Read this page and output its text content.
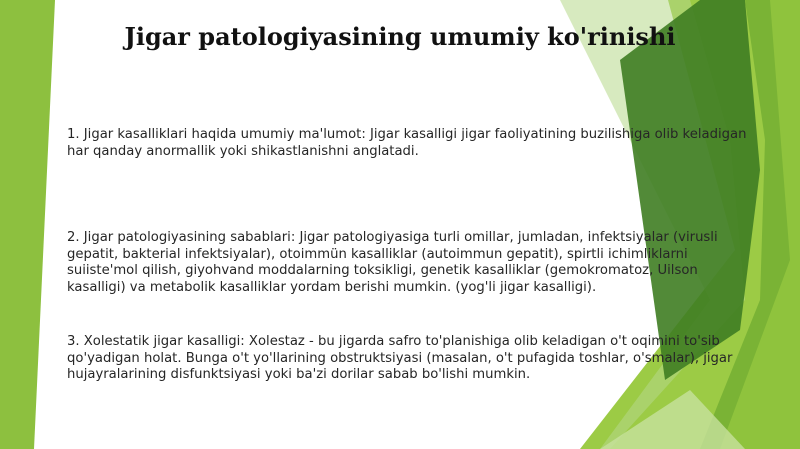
Jigar patologiyasining umumiy ko'rinishi

1. Jigar kasalliklari haqida umumiy ma'lumot: Jigar kasalligi jigar faoliyatining buzilishiga olib keladigan har qanday anormallik yoki shikastlanishni anglatadi.

2. Jigar patologiyasining sabablari: Jigar patologiyasiga turli omillar, jumladan, infektsiyalar (virusli gepatit, bakterial infektsiyalar), otoimmün kasalliklar (autoimmun gepatit), spirtli ichimliklarni suiiste'mol qilish, giyohvand moddalarning toksikligi, genetik kasalliklar (gemokromatoz, Uilson kasalligi) va metabolik kasalliklar yordam berishi mumkin. (yog'li jigar kasalligi).

3. Xolestatik jigar kasalligi: Xolestaz - bu jigarda safro to'planishiga olib keladigan o't oqimini to'sib qo'yadigan holat. Bunga o't yo'llarining obstruktsiyasi (masalan, o't pufagida toshlar, o'smalar), jigar hujayralarining disfunktsiyasi yoki ba'zi dorilar sabab bo'lishi mumkin.
